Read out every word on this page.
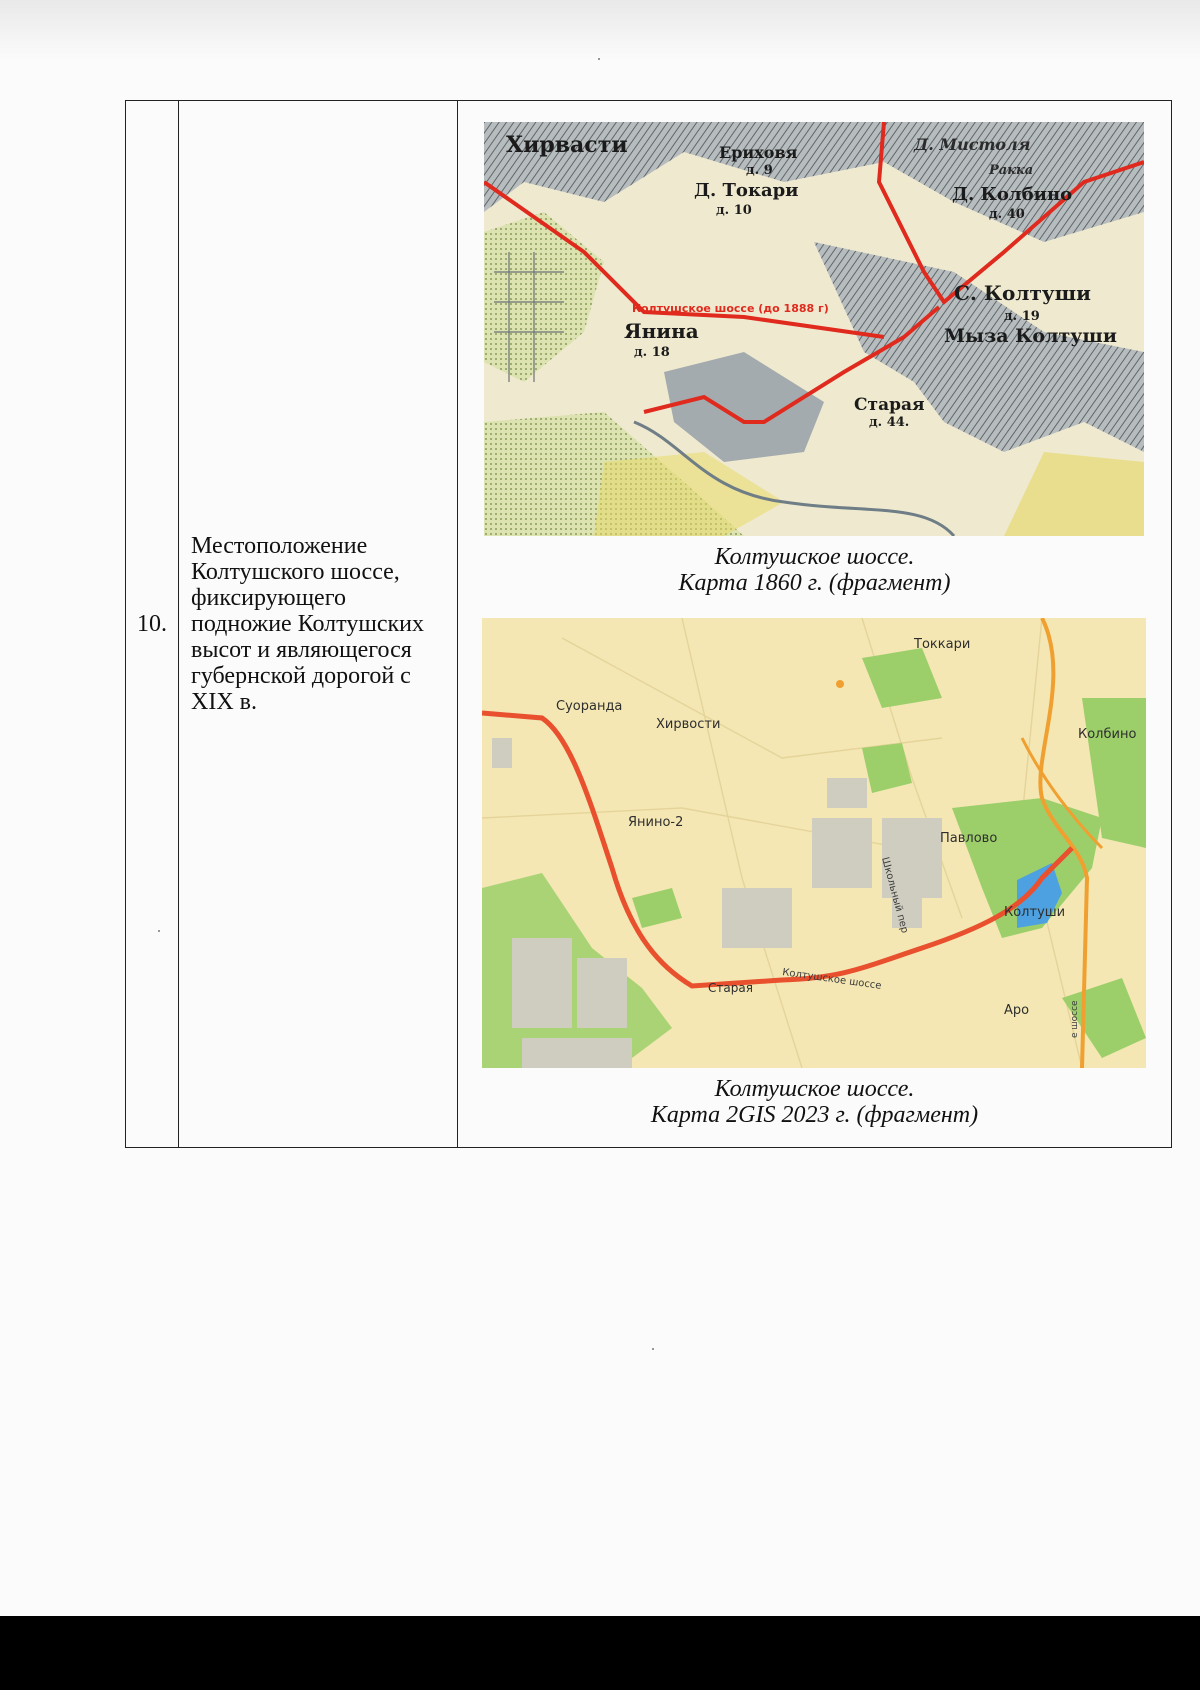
10.	Местоположение Колтушского шоссе, фиксирующего подножие Колтушских высот и являющегося губернской дорогой с XIX в.	
Хирвасти	Ериховя
д. 9
Д. Токари
д. 10
Д. Мистоля
Ракка
Д. Колбино
д. 40
С. Колтуши
д. 19
Мыза Колтуши
Янина
д. 18
Старая
д. 44.
Колтушское шоссе (до 1888 г)
Колтушское шоссе.
Карта 1860 г. (фрагмент)
Токкари
Суоранда
Хирвости
Колбино
Янино-2
Павлово
Колтуши
Старая
Аро
Школьный пер
Колтушское шоссе
е шоссе
Колтушское шоссе.
Карта 2GIS 2023 г. (фрагмент)
